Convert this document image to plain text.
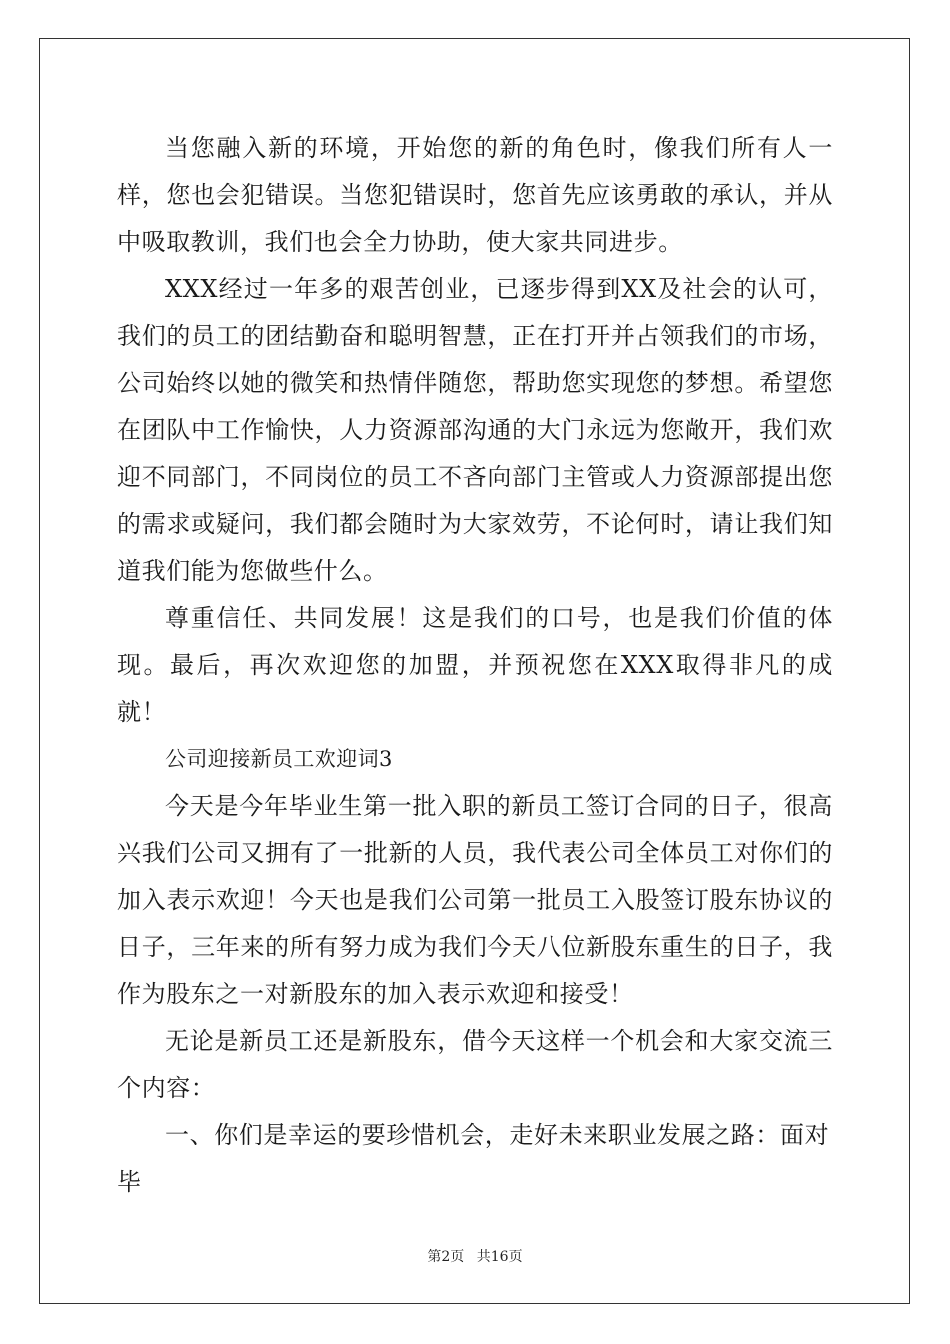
当您融入新的环境，开始您的新的角色时，像我们所有人一样，您也会犯错误。当您犯错误时，您首先应该勇敢的承认，并从中吸取教训，我们也会全力协助，使大家共同进步。

XXX经过一年多的艰苦创业，已逐步得到XX及社会的认可，我们的员工的团结勤奋和聪明智慧，正在打开并占领我们的市场，公司始终以她的微笑和热情伴随您，帮助您实现您的梦想。希望您在团队中工作愉快，人力资源部沟通的大门永远为您敞开，我们欢迎不同部门，不同岗位的员工不吝向部门主管或人力资源部提出您的需求或疑问，我们都会随时为大家效劳，不论何时，请让我们知道我们能为您做些什么。

尊重信任、共同发展！这是我们的口号，也是我们价值的体现。最后，再次欢迎您的加盟，并预祝您在XXX取得非凡的成就！

公司迎接新员工欢迎词3

今天是今年毕业生第一批入职的新员工签订合同的日子，很高兴我们公司又拥有了一批新的人员，我代表公司全体员工对你们的加入表示欢迎！今天也是我们公司第一批员工入股签订股东协议的日子，三年来的所有努力成为我们今天八位新股东重生的日子，我作为股东之一对新股东的加入表示欢迎和接受！

无论是新员工还是新股东，借今天这样一个机会和大家交流三个内容：

一、你们是幸运的要珍惜机会，走好未来职业发展之路：面对毕

第2页 共16页
